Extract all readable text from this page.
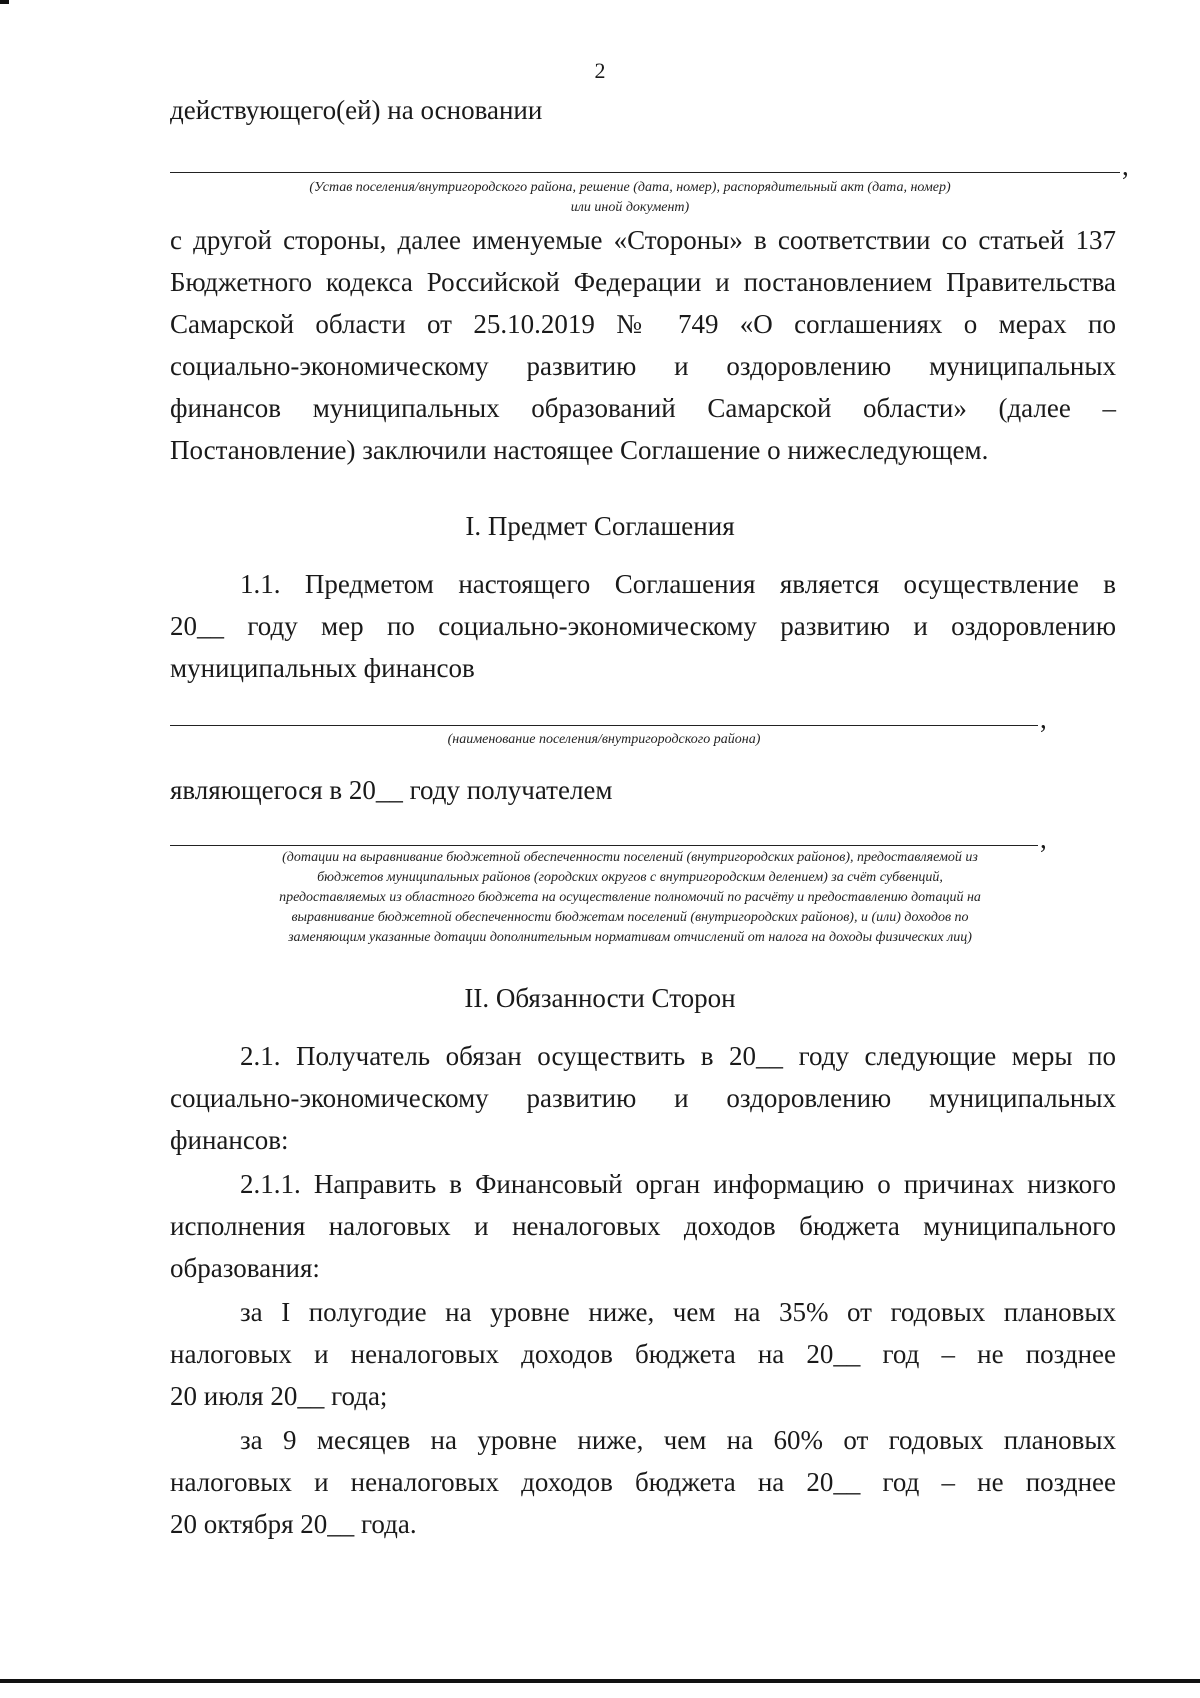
2
действующего(ей) на основании
,
(Устав поселения/внутригородского района, решение (дата, номер), распорядительный акт (дата, номер)
или иной документ)
с другой стороны, далее именуемые «Стороны» в соответствии со статьей 137
Бюджетного кодекса Российской Федерации и постановлением Правительства
Самарской области от 25.10.2019 № 749 «О соглашениях о мерах по
социально-экономическому развитию и оздоровлению муниципальных
финансов муниципальных образований Самарской области» (далее –
Постановление) заключили настоящее Соглашение о нижеследующем.
I. Предмет Соглашения
1.1. Предметом настоящего Соглашения является осуществление в
20__ году мер по социально-экономическому развитию и оздоровлению
муниципальных финансов
,
(наименование поселения/внутригородского района)
являющегося в 20__ году получателем
,
(дотации на выравнивание бюджетной обеспеченности поселений (внутригородских районов), предоставляемой из
бюджетов муниципальных районов (городских округов с внутригородским делением) за счёт субвенций,
предоставляемых из областного бюджета на осуществление полномочий по расчёту и предоставлению дотаций на
выравнивание бюджетной обеспеченности бюджетам поселений (внутригородских районов), и (или) доходов по
заменяющим указанные дотации дополнительным нормативам отчислений от налога на доходы физических лиц)
II. Обязанности Сторон
2.1. Получатель обязан осуществить в 20__ году следующие меры по
социально-экономическому развитию и оздоровлению муниципальных
финансов:
2.1.1. Направить в Финансовый орган информацию о причинах низкого
исполнения налоговых и неналоговых доходов бюджета муниципального
образования:
за I полугодие на уровне ниже, чем на 35% от годовых плановых
налоговых и неналоговых доходов бюджета на 20__ год – не позднее
20 июля 20__ года;
за 9 месяцев на уровне ниже, чем на 60% от годовых плановых
налоговых и неналоговых доходов бюджета на 20__ год – не позднее
20 октября 20__ года.
